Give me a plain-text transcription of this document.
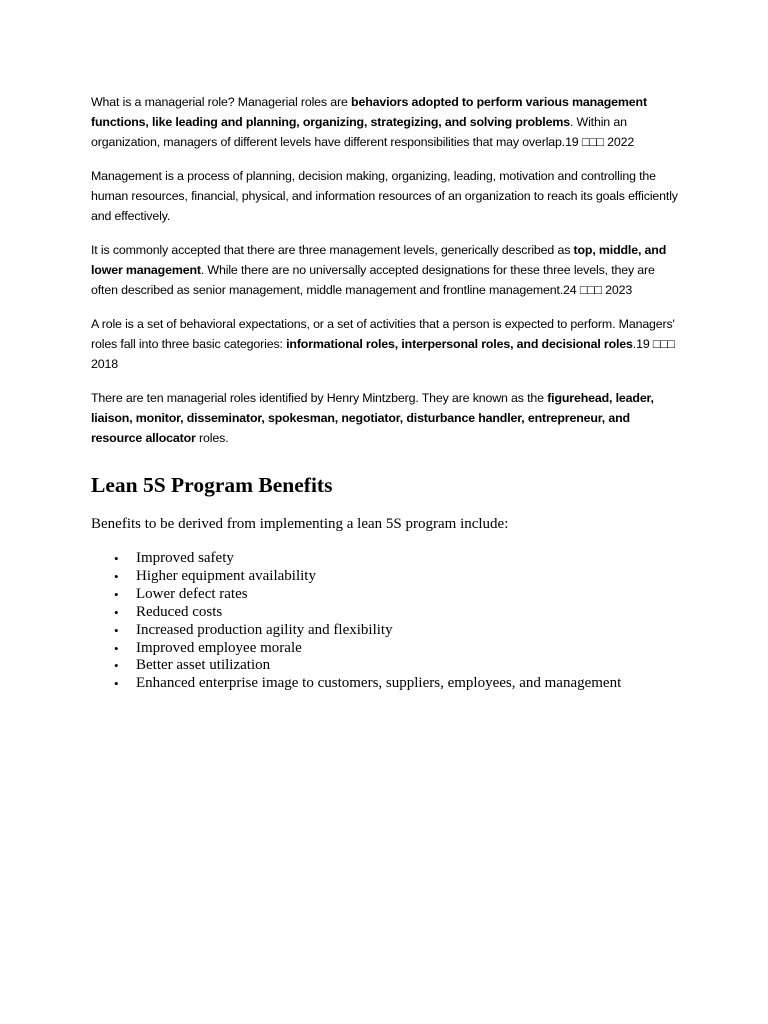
What is a managerial role? Managerial roles are behaviors adopted to perform various management functions, like leading and planning, organizing, strategizing, and solving problems. Within an organization, managers of different levels have different responsibilities that may overlap.19 □□□ 2022

Management is a process of planning, decision making, organizing, leading, motivation and controlling the human resources, financial, physical, and information resources of an organization to reach its goals efficiently and effectively.

It is commonly accepted that there are three management levels, generically described as top, middle, and lower management. While there are no universally accepted designations for these three levels, they are often described as senior management, middle management and frontline management.24 □□□ 2023

A role is a set of behavioral expectations, or a set of activities that a person is expected to perform. Managers' roles fall into three basic categories: informational roles, interpersonal roles, and decisional roles.19 □□□ 2018

There are ten managerial roles identified by Henry Mintzberg. They are known as the figurehead, leader, liaison, monitor, disseminator, spokesman, negotiator, disturbance handler, entrepreneur, and resource allocator roles.

Lean 5S Program Benefits

Benefits to be derived from implementing a lean 5S program include:

• Improved safety
• Higher equipment availability
• Lower defect rates
• Reduced costs
• Increased production agility and flexibility
• Improved employee morale
• Better asset utilization
• Enhanced enterprise image to customers, suppliers, employees, and management
